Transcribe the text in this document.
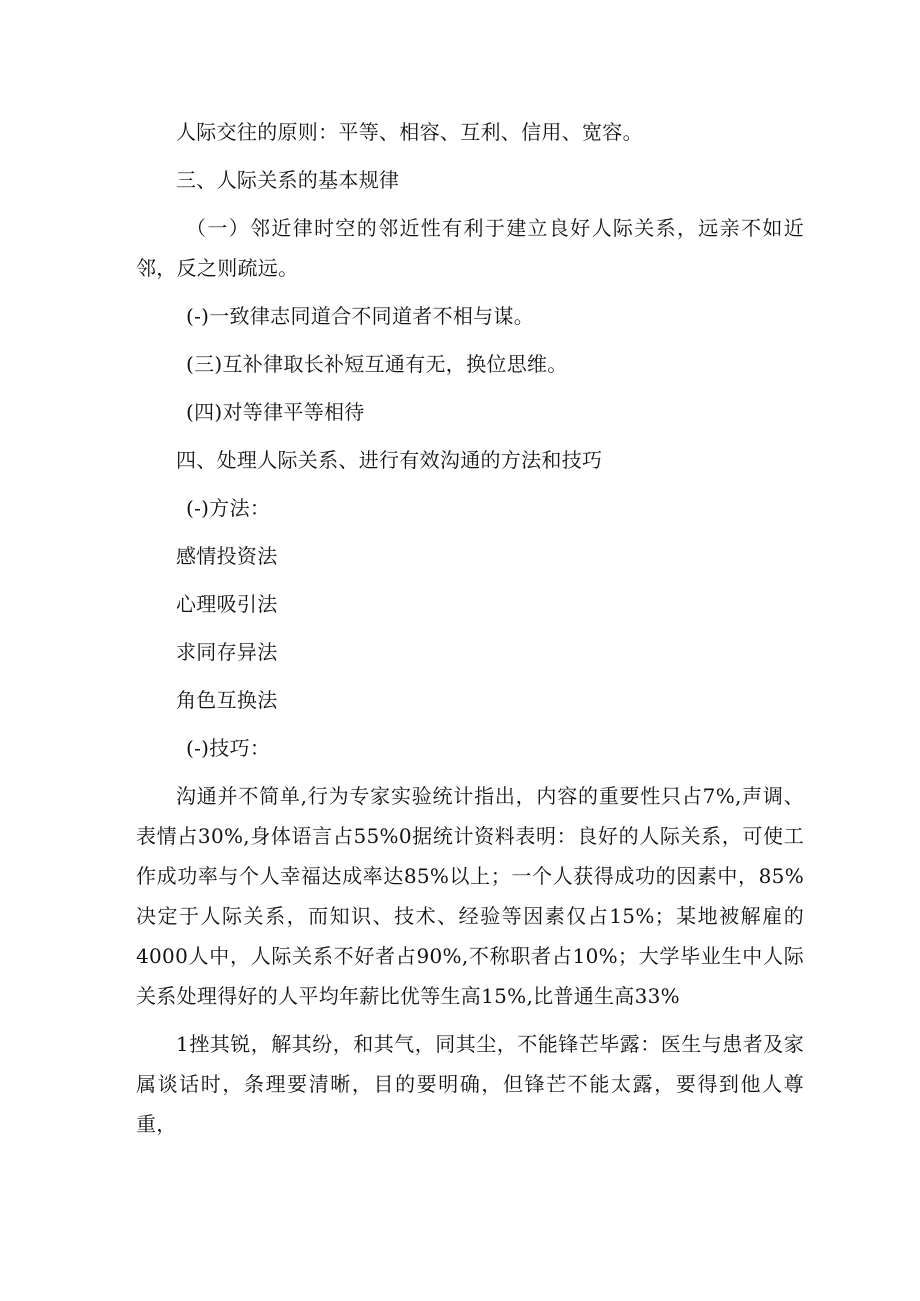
人际交往的原则：平等、相容、互利、信用、宽容。

三、人际关系的基本规律

（一）邻近律时空的邻近性有利于建立良好人际关系，远亲不如近邻，反之则疏远。

(-)一致律志同道合不同道者不相与谋。

(三)互补律取长补短互通有无，换位思维。

(四)对等律平等相待

四、处理人际关系、进行有效沟通的方法和技巧

(-)方法：

感情投资法

心理吸引法

求同存异法

角色互换法

(-)技巧：

沟通并不简单,行为专家实验统计指出，内容的重要性只占7%,声调、表情占30%,身体语言占55%0据统计资料表明：良好的人际关系，可使工作成功率与个人幸福达成率达85%以上；一个人获得成功的因素中，85%决定于人际关系，而知识、技术、经验等因素仅占15%；某地被解雇的4000人中，人际关系不好者占90%,不称职者占10%；大学毕业生中人际关系处理得好的人平均年薪比优等生高15%,比普通生高33%

1挫其锐，解其纷，和其气，同其尘，不能锋芒毕露：医生与患者及家属谈话时，条理要清晰，目的要明确，但锋芒不能太露，要得到他人尊重，
